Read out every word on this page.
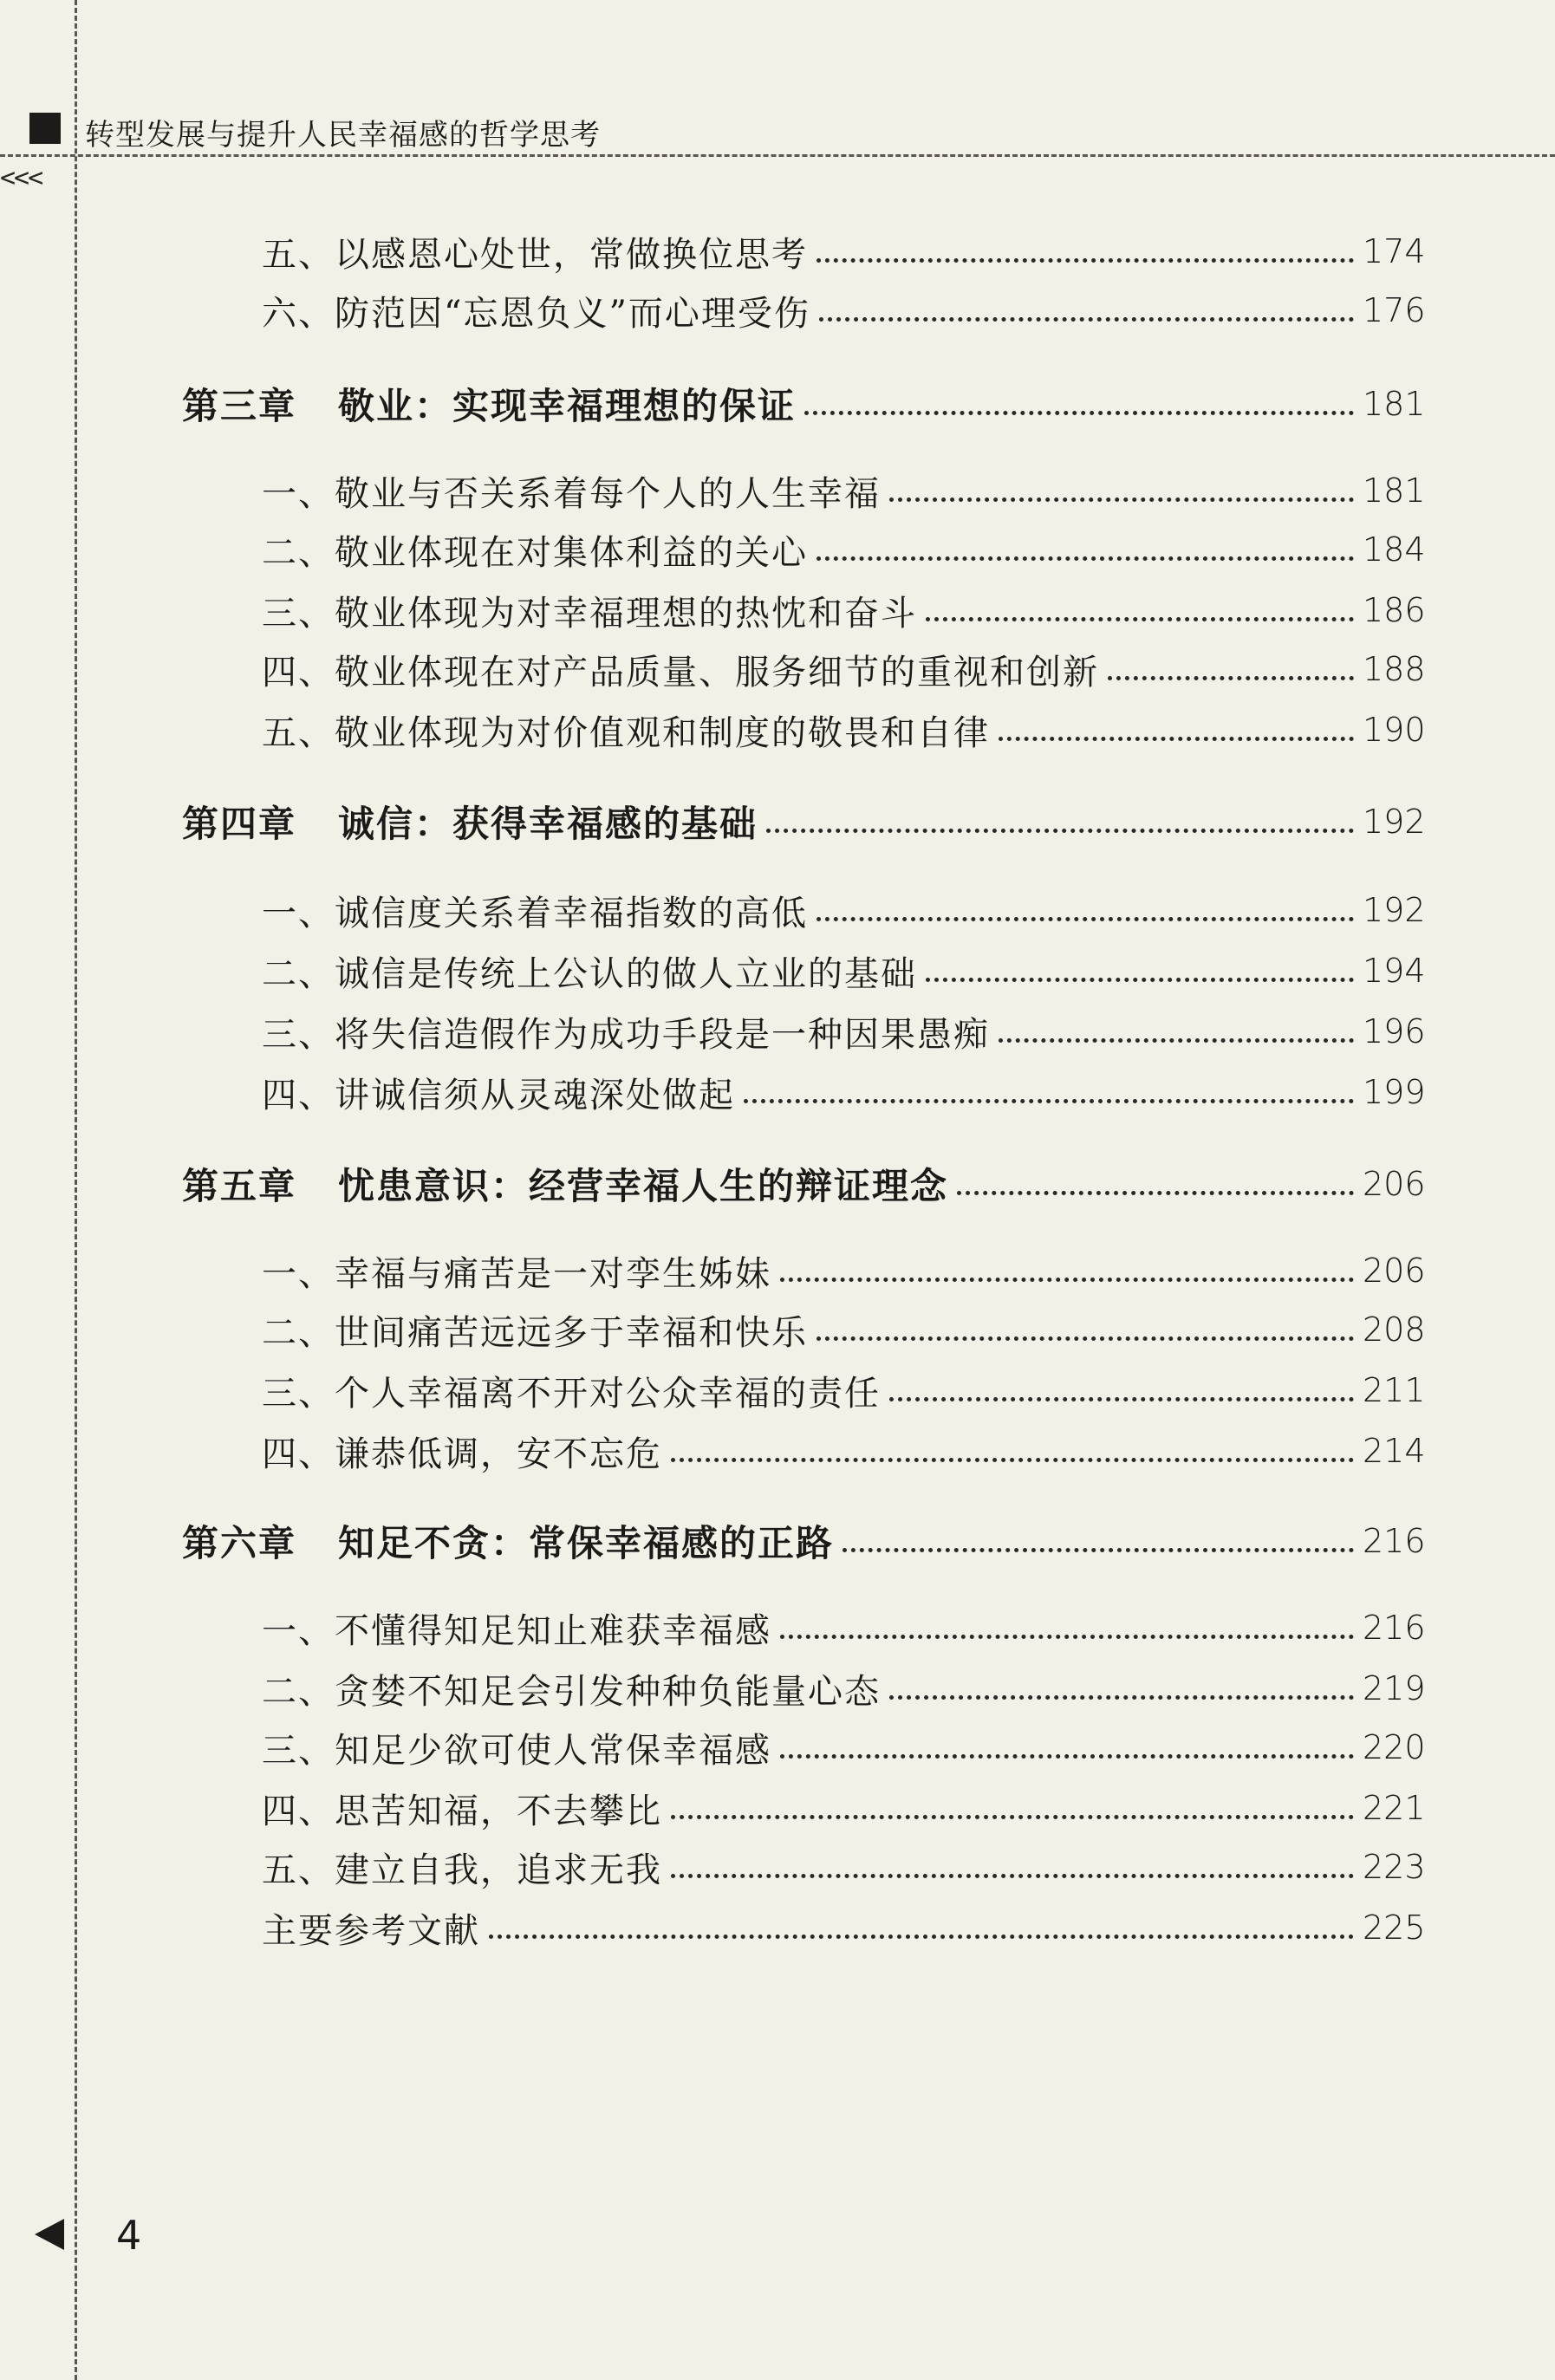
转型发展与提升人民幸福感的哲学思考
<<<
五、以感恩心处世，常做换位思考	174
六、防范因“忘恩负义”而心理受伤	176
第三章 敬业：实现幸福理想的保证	181
一、敬业与否关系着每个人的人生幸福	181
二、敬业体现在对集体利益的关心	184
三、敬业体现为对幸福理想的热忱和奋斗	186
四、敬业体现在对产品质量、服务细节的重视和创新	188
五、敬业体现为对价值观和制度的敬畏和自律	190
第四章 诚信：获得幸福感的基础	192
一、诚信度关系着幸福指数的高低	192
二、诚信是传统上公认的做人立业的基础	194
三、将失信造假作为成功手段是一种因果愚痴	196
四、讲诚信须从灵魂深处做起	199
第五章 忧患意识：经营幸福人生的辩证理念	206
一、幸福与痛苦是一对孪生姊妹	206
二、世间痛苦远远多于幸福和快乐	208
三、个人幸福离不开对公众幸福的责任	211
四、谦恭低调，安不忘危	214
第六章 知足不贪：常保幸福感的正路	216
一、不懂得知足知止难获幸福感	216
二、贪婪不知足会引发种种负能量心态	219
三、知足少欲可使人常保幸福感	220
四、思苦知福，不去攀比	221
五、建立自我，追求无我	223
主要参考文献	225
4
